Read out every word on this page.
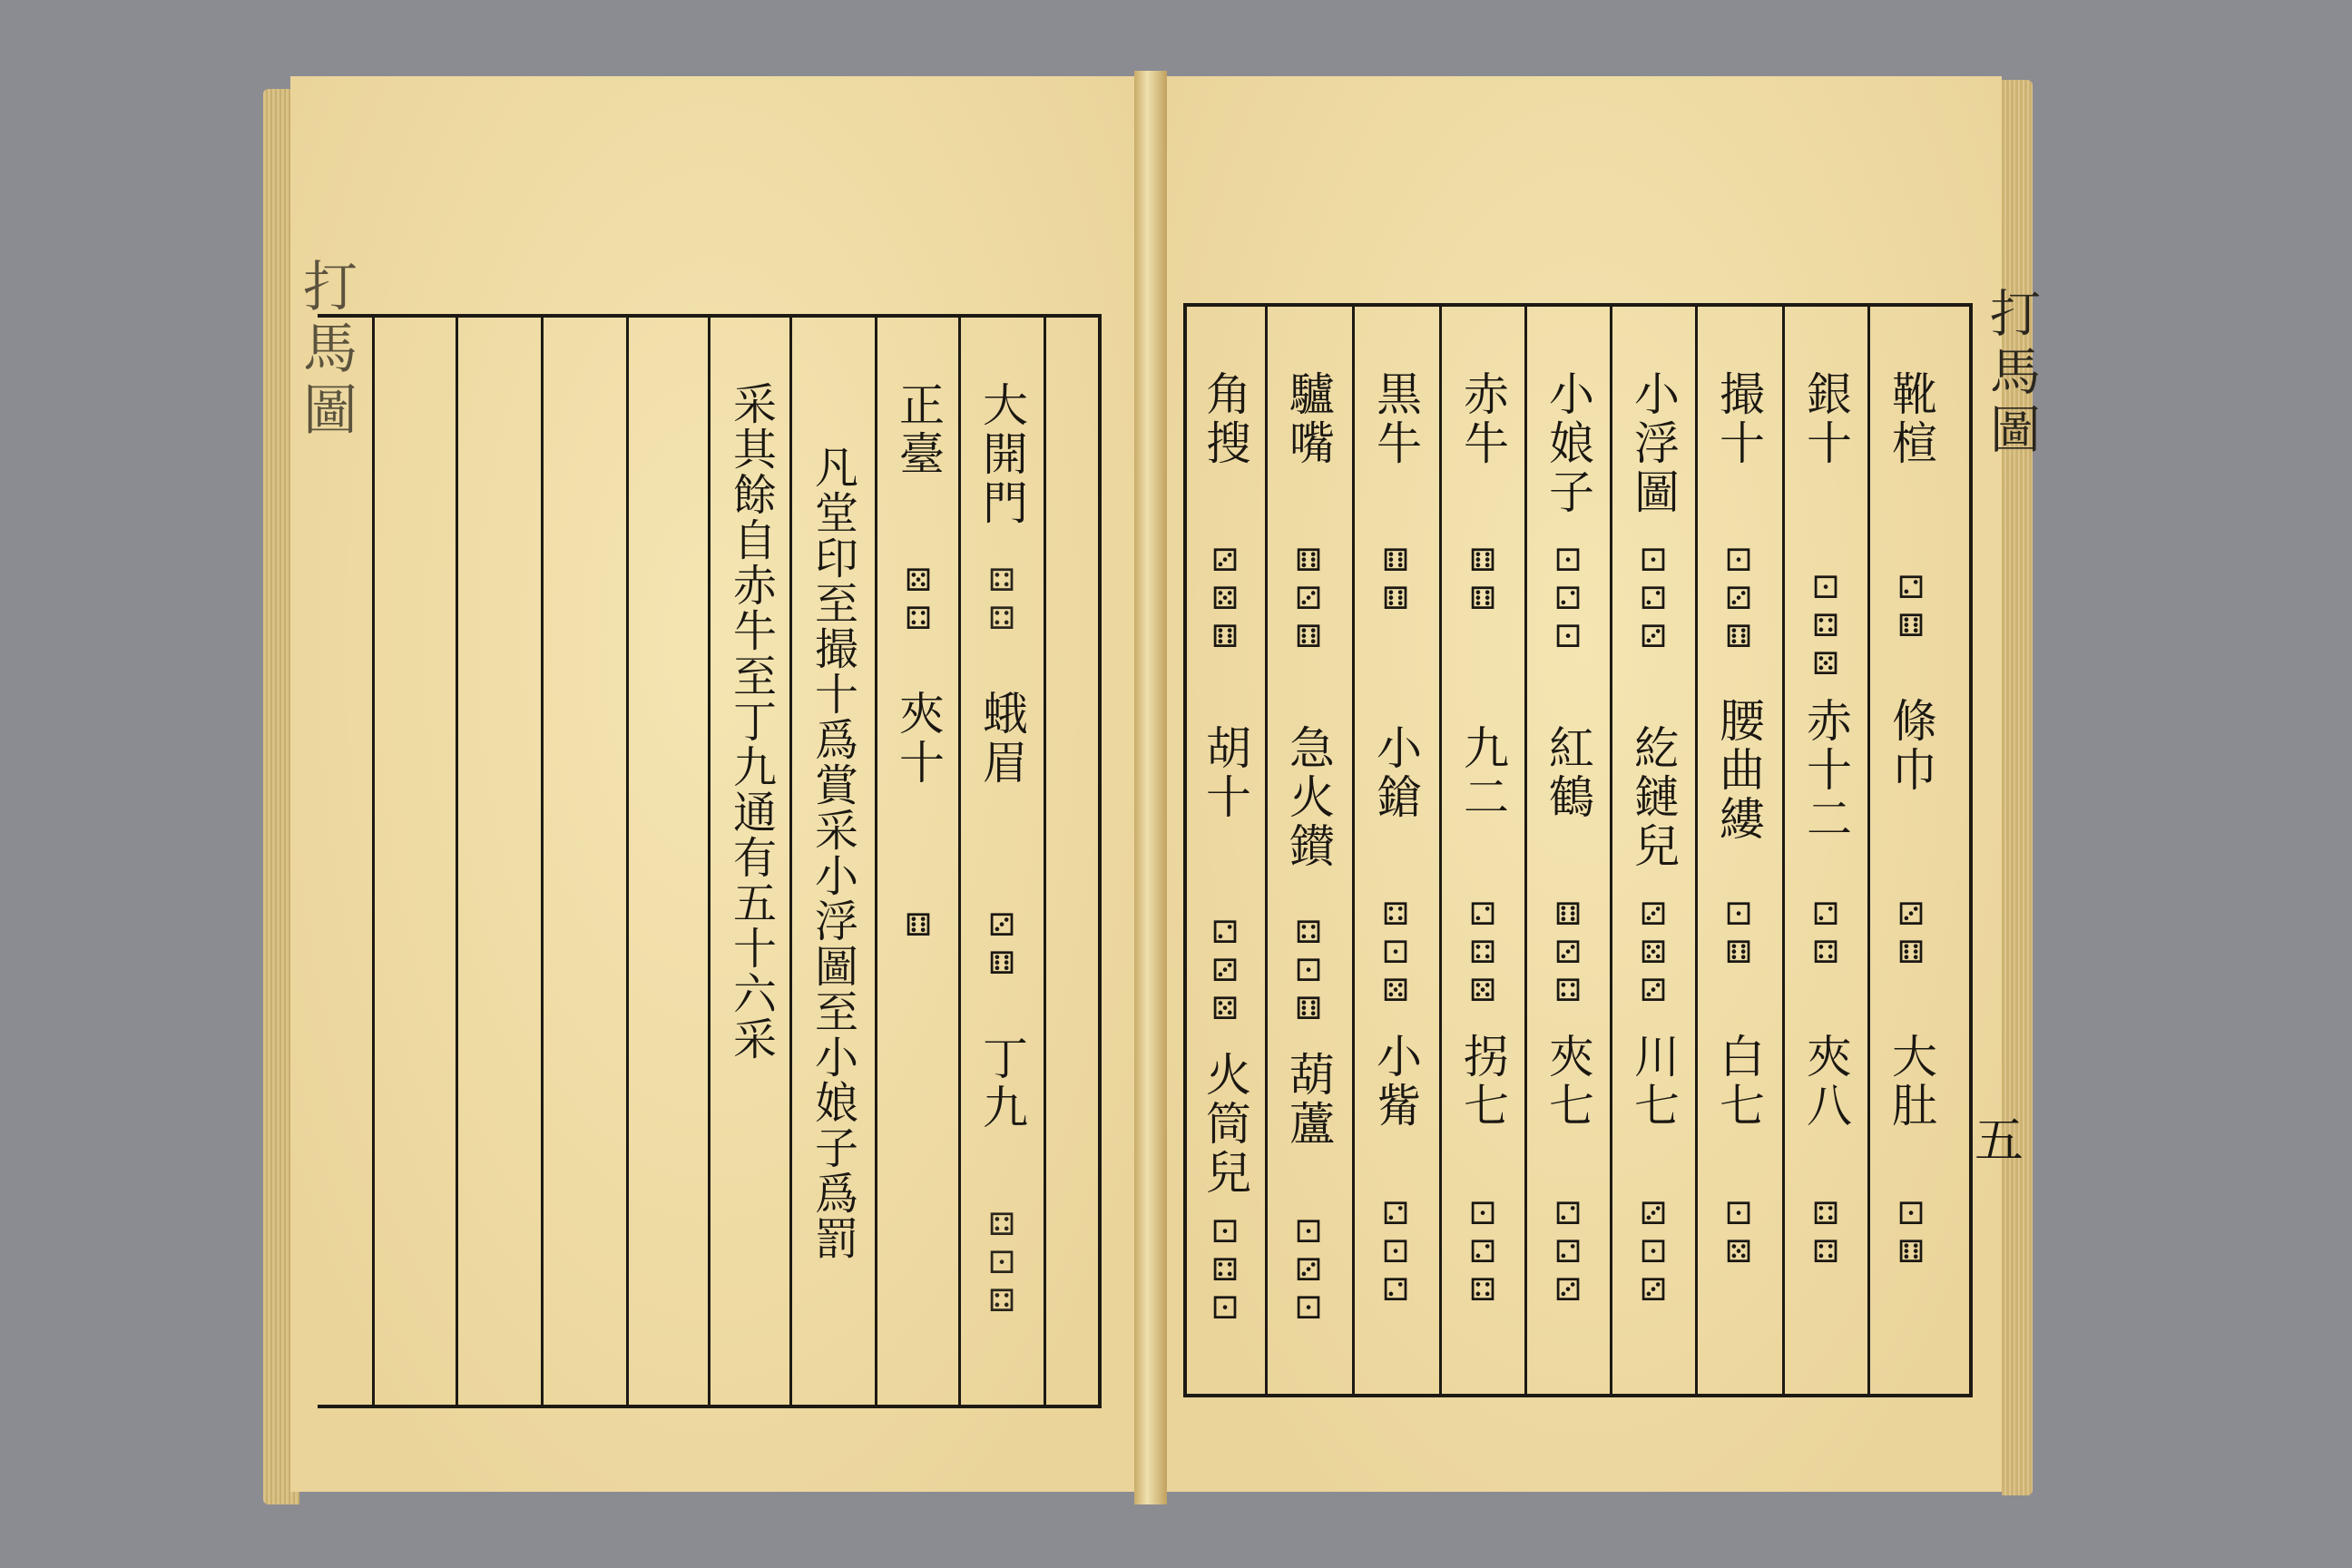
打馬圖
大開門
⚃⚃
蛾眉
⚂⚅
丁九
⚃⚀⚃
正臺
⚄⚃
夾十
⚅
凡堂印至撮十爲賞采小浮圖至小娘子爲罰
采其餘自赤牛至丁九通有五十六采	靴楦
⚁⚅
條巾
⚂⚅
大肚
⚀⚅
銀十
⚀⚃⚄
赤十二
⚁⚃
夾八
⚃⚃
撮十
⚀⚂⚅
腰曲縷
⚀⚅
白七
⚀⚄
小浮圖
⚀⚁⚂
紇鏈兒
⚂⚄⚂
川七
⚂⚀⚂
小娘子
⚀⚁⚀
紅鶴
⚅⚂⚃
夾七
⚁⚁⚂
赤牛
⚅⚅
九二
⚁⚃⚄
拐七
⚀⚁⚃
黒牛
⚅⚅
小鎗
⚃⚀⚄
小觜
⚁⚀⚁
驢嘴
⚅⚂⚅
急火鑚
⚃⚀⚅
葫蘆
⚀⚂⚀
角搜
⚂⚄⚅
胡十
⚁⚂⚄
火筒兒
⚀⚃⚀
打馬圖
五
